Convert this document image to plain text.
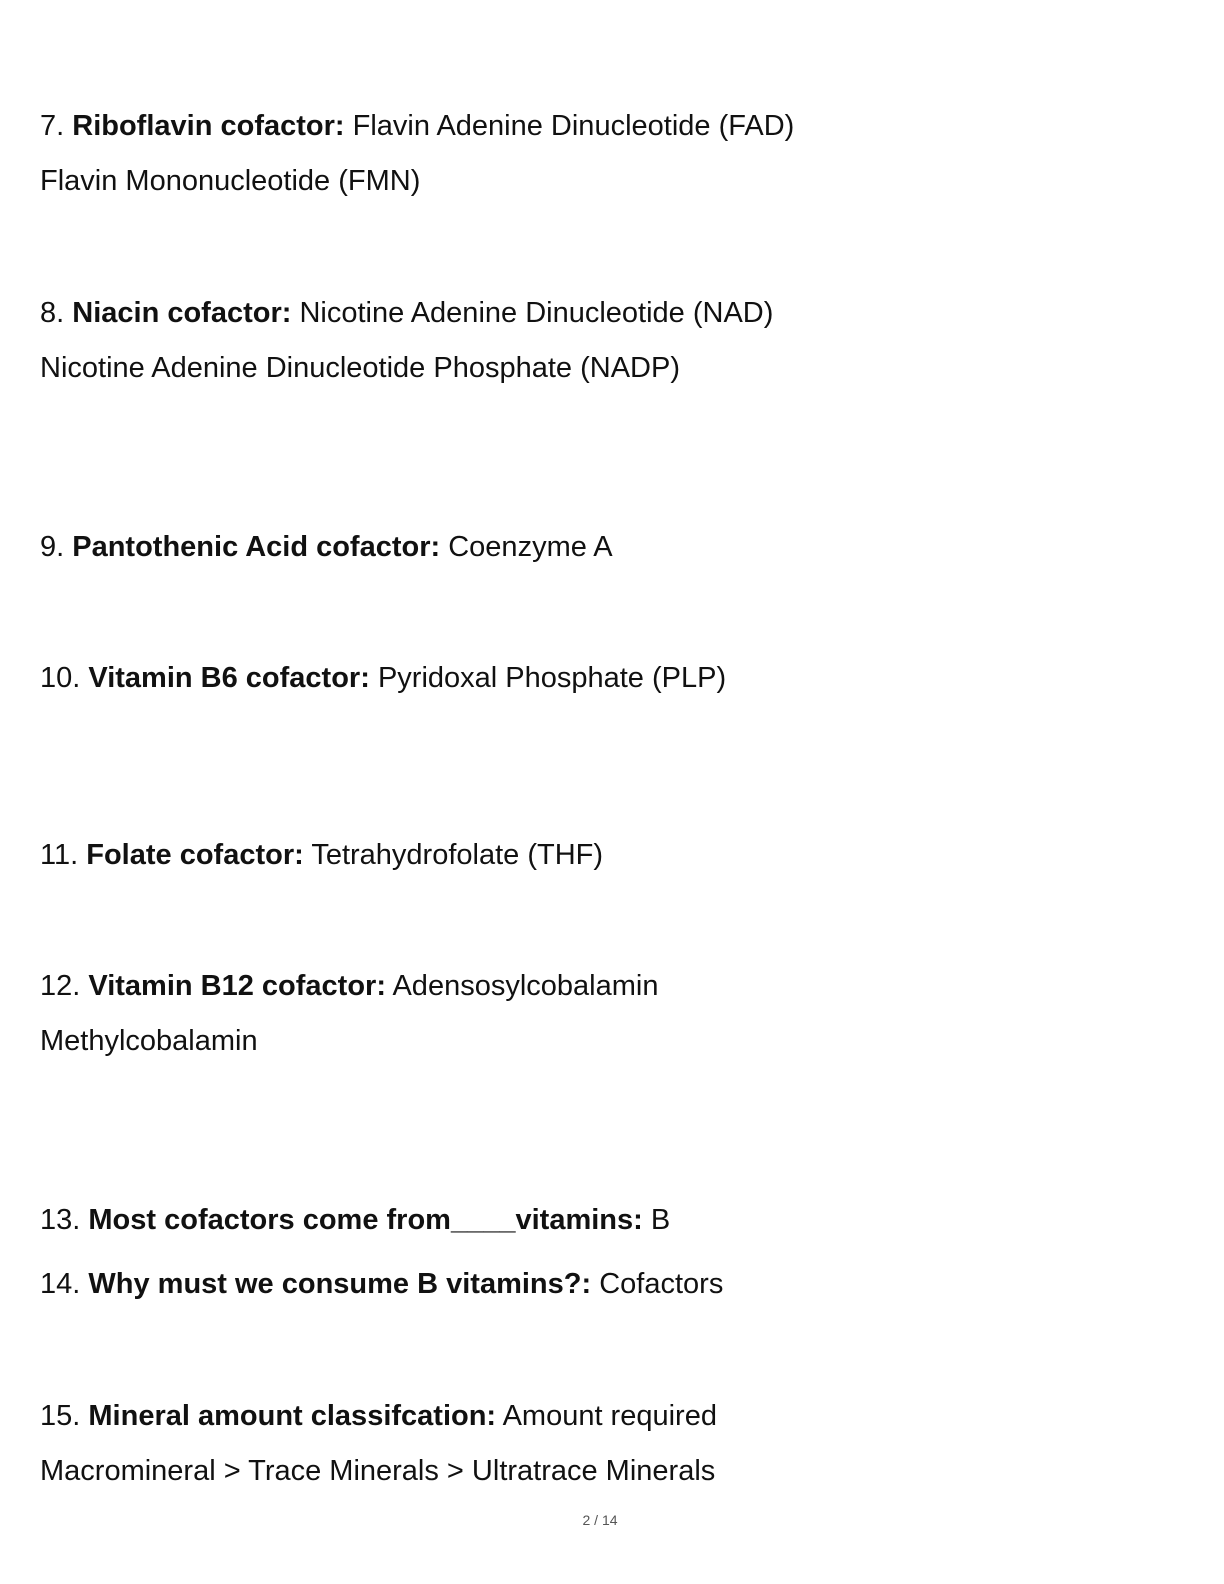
7. Riboflavin cofactor: Flavin Adenine Dinucleotide (FAD)
Flavin Mononucleotide (FMN)
8. Niacin cofactor: Nicotine Adenine Dinucleotide (NAD)
Nicotine Adenine Dinucleotide Phosphate (NADP)
9. Pantothenic Acid cofactor: Coenzyme A
10. Vitamin B6 cofactor: Pyridoxal Phosphate (PLP)
11. Folate cofactor: Tetrahydrofolate (THF)
12. Vitamin B12 cofactor: Adensosylcobalamin
Methylcobalamin
13. Most cofactors come from____vitamins: B
14. Why must we consume B vitamins?: Cofactors
15. Mineral amount classifcation: Amount required
Macromineral > Trace Minerals > Ultratrace Minerals
2 / 14
